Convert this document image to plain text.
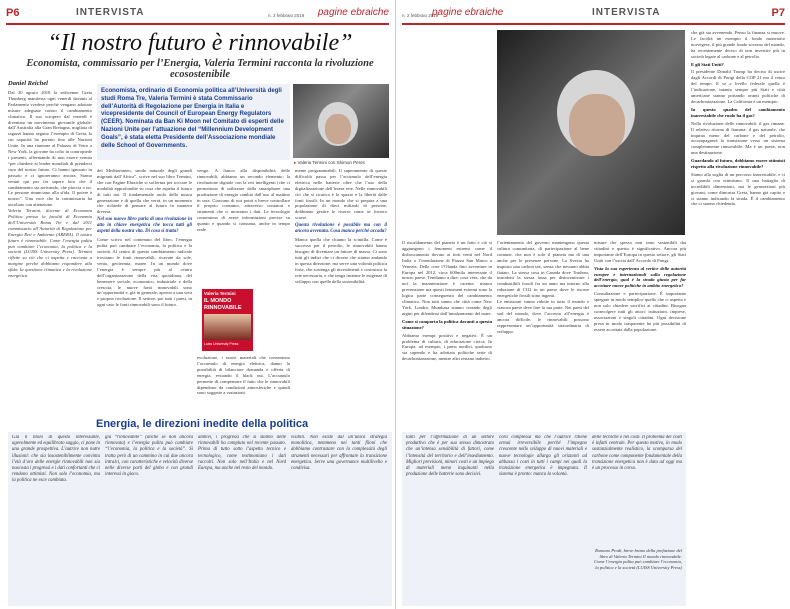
P6	INTERVISTA	n. 2 febbraio 2019 pagine ebraiche
“Il nostro futuro è rinnovabile”
Economista, commissario per l’Energia, Valeria Termini racconta la rivoluzione ecosostenibile
Daniel Reichel

Dal 20 agosto 2018 la sedicenne Greta Thunberg manifesta ogni venerdì davanti al Parlamento svedese perché vengano adottate misure adeguate contro il cambiamento climatico. Il suo sciopero dal venerdì è diventato un movimento giovanile globale: dall’Australia alla Gran Bretagna, migliaia di ragazzi hanno seguito l’esempio di Greta, la cui capacità ha portato fino alle Nazioni Unite. In una riunione al Palazzo di Vetro a New York, la giovane ha colto in contropiede i presenti, affermando di non essere venuta “per chiedere ai leader mondiali di prendersi cura del nostro futuro. Ci hanno ignorato in passato e ci ignoreranno ancora. Siamo venuti qui per far sapere loro che il cambiamento sta arrivando, che piaccia o no. Le persone rinunciano alla sfida. Il potere è nostro”. Una voce che la commissaria ha ascoltato con attenzione.

Valeria Termini, docente di Economia Politica presso la facoltà di Economia dell’Università Roma Tre e dal 2011 commissario all’Autorità di Regolazione per Energia Reti e Ambiente (ARERA). Il nostro futuro è rinnovabile. Come l’energia pulita può cambiare l’economia, la politica e la società (LUISS University Press). Termini riflette su ciò che ci aspetta e racconta a margine perché dobbiamo rispondere alla sfida: la questione climatica e la rivoluzione energetica.

Economista, ordinario di Economia politica all’Università degli studi Roma Tre, Valeria Termini è stata Commissario dell’Autorità di Regolazione per Energia in Italia e vicepresidente del Council of European Energy Regulators (CEER). Nominata da Ban Ki Moon nel Comitato di esperti delle Nazioni Unite per l’attuazione del “Millennium Development Goals”, è stata eletta Presidente dell’Associazione mondiale delle School of Governments.
▸ Valeria Termini con Shimon Peres

del Mediterraneo, snodo naturale degli grandi migranti dall’Africa”, scrive nel suo libro Termini, che con Pagine Ebraiche si sofferma per toccare le modalità approfondite su cosa che aspetta il futuro di tutti noi. Il fondamentale ruolo della nostra generazione e di quella che verrà, in un momento che richiede di pensare al futuro in maniera diversa.

Nel suo nuovo libro parla di una rivoluzione in atto in chiave energetica che tocca tutti gli aspetti della nostra vita. Di cosa si tratta?

Come scrivo nel contenuto del libro, l’energia pulita può cambiare l’economia, la politica e la società. Al centro di questo cambiamento radicale troviamo le fonti rinnovabili, ricavate da sole, vento, geotermia, maree. In un mondo dove l’energia è sempre più al centro dell’organizzazione della vita quotidiana, del benessere sociale, economico, industriale e della crescita, le nuove fonti rinnovabili sono un’opportunità e, già in generale, aprono a una vera e propria rivoluzione. Il settore, poi tutti i paesi, in ogni caso le fonti rinnovabili sono il futuro.

vengo. A fianco alla disponibilità delle rinnovabili, abbiamo un secondo elemento: la rivoluzione digitale con la reti intelligenti (che ci permettono di utilizzare dalla smartphone una produzione di energia cambia dall’uso al mattino in sera. Ciascuno di noi potrà a breve controllare il proprio consumo, attraverso contatori e strumenti che ci mostrano i dati. Le tecnologie consentono di avere informazioni precise su quanto e quando si consuma, anche in tempo reale.

evoluzione, i nuovi materiali che consentono l’accumulo di energia elettrica, danno la possibilità di bilanciare domanda e offerta di energia, evitando il black out. L’accumulo permette di compensare il fatto che le rinnovabili dipendono da condizioni atmosferiche e quindi sono soggette a variazioni.

Valeria Termini
IL MONDO RINNOVABILE
Luiss University Press

mente programmabili. Il superamento di queste difficoltà passa per l’accumulo dell’energia elettrica nelle batterie oltre che l’uso della digitalizzazione dell’intera rete. Nelle rinnovabili ciò che si ricarica è lo spazio e la libertà dalle fonti fossili. In un mondo che si prepara a una popolazione di dieci miliardi di persone, dobbiamo gestire le risorse come se fossero scarse.

Questa rivoluzione è possibile ma con il ancora avvenuta. Cosa manca perché accada?

Manca quella che chiamo la scintilla. Come è successo per il petrolio, le rinnovabili hanno bisogno di diventare un fattore di massa. Ci sono tutti gli indizi che ci dicono che stiamo andando in questa direzione: ma serve una volontà politica forte, che sostenga gli investimenti e costruisca la rete necessaria, e che tenga insieme le esigenze di sviluppo con quelle della sostenibilità.

Energia, le direzioni inedite della politica
Già il titolo di questo interessante, agevolmente ed equilibrato saggio, ci pone in una grande prospettiva. L’autrice non nutre illusioni: che sia insostenibilmente convinta l’età d’oro delle energie rinnovabili non sia nascosta i progressi e i dati confortanti che ci rendono ottimisti. Non solo l’economia, ma la politica ne esce cambiata.
già “rinnovabile” (anche se non ancora rinnovata) e l’energia pulita può cambiare “l’economia, la politica e la società”. Si tratta però di un cammino in cui due ancora intralci, con caratteristiche e velocità diverse nelle diverse parti del globo e con grandi interessi in gioco.
ambivi, i progressi che si stanno delle rinnovabili ha compiuto nel recente passato. Prima di tutto sotto l’aspetto tecnico e tecnologico, come testimoniano i dati raccolti. Non solo nell’Italia e nel Nord Europa, ma anche nel resto del mondo.
visibili. Non esiste dal un’unica strategia monolitica, nemmeno nei tanti filoni che dobbiamo contrastare con la complessità degli strumenti necessari per affrontare la transizione energetica. Serve una governance multilivello e condivisa.
n. 2 febbraio 2019
pagine ebraiche	INTERVISTA	P7

Il riscaldamento del pianeta è un fatto e ciò si aggiungono i fenomeni estremi come il disboscamento dovuto ai forti venti nel Nord Italia o l’inondazione di Piazza San Marco a Venezia. Delle cose l’Olanda fino avventure in Europa nel 2012, circa 600mila interessate il nostro paese. Tendiamo a dire, cosa vera, che da noi la manutenzione è carente, manca prevenzione ma questi fenomeni estremi sono la logica parte conseguenza del cambiamento climatico. Non tutti sanno che città come New York, Londra, Mumbasa stanno creando degli argini per difendersi dall’innalzamento del mare.

Come si comporta la politica davanti a questa situazione?

Abbiamo esempi positivi e negativi. È un problema di cultura, di educazione civica. In Europa, ad esempio, i paesi nordici, qualcuno sta capendo e ha adottato politiche serie di decarbonizzazione, mentre altri restano indietro.

l’orientamento del governo mantengono questa cultura comunitaria, di partecipazione al bene comune, che non è solo il pianeta ma di una anche per le presenze persone. La Svezia ha imposto una carbon tax, senza che nessuno abbia fiatato. La stessa cosa in Canada dove Trudeau, introdotti la stessa tassa per disincentivare i combustibili fossili fra un anno ma intorno alla riduzione di CO2 in un paese dove le risorse energetiche fossili sono ingenti.

Le emissioni vanno ridotte in tutto il mondo e ciascun paese deve fare la sua parte. Nei paesi del sud del mondo, dove l’accesso all’energia è ancora difficile, le rinnovabili possono rappresentare un’opportunità straordinaria di sviluppo.

misure che spesso non sono sostenibili dai cittadini e questo è significativo. Ancora più importante dell’Europa in questo settore, gli Stati Uniti con l’uscita dall’Accordo di Parigi.

Vista la sua esperienza al vertice delle autorità europee e internazionali sulla regolazione dell’energia, qual è la strada giusta per far accettare nuove politiche in ambito energetico?

Consultazione e partecipazione. È importante spiegare in modo semplice quello che ci aspetta e non solo chiedere sacrifici ai cittadini. Bisogna coinvolgere tutti gli attori: istituzioni, imprese, associazioni e singoli cittadini. Ogni decisione presa in modo trasparente ha più possibilità di essere accettata dalla popolazione.

che già sta avvenendo. Penso la finanza si muove. Le facoltà un esempio il fondo monetario norvegese, il più grande fondo sovrano del mondo, ha recentemente deciso di non investire più in società legate al carbone e al petrolio.

E gli Stati Uniti?

Il presidente Donald Trump ha deciso di uscire dagli Accordi di Parigi della COP 21 ma il vento del tempo. E se a livello federale quella è l’indicazione, intanto sempre più Stati e città americane stanno portando avanti politiche di decarbonizzazione. La California è un esempio.

In questo quadro del cambiamento inarrestabile che ruolo ha il gas?

Nella rivoluzione delle rinnovabili, il gas rimane. Il relativo ritorno di fiamma: il gas naturale, che inquina meno del carbone e del petrolio, accompagnerà la transizione verso un sistema completamente rinnovabile. Ma è un ponte, non una destinazione.

Guardando al futuro, dobbiamo essere ottimisti rispetto alla rivoluzione rinnovabile?

Siamo alla soglia di un percorso inarrestabile, e ci si guarda con ottimismo. Il una battaglia di incredibili dimensioni, ma le generazioni più giovani, come dimostra Greta, hanno già capito e ci stanno indicando la strada. È il cambiamento che ci stanno chiedendo.

tanti per l’affermazione di un settore produttivo che è per suo stesso dimostrato che un’intensa sensibilità di fattori, come l’intensità del territorio e dell’insediamento. Migliori previsioni, minori costi e un impiego di materiali meno inquinanti nella produzione delle batterie sono decisivi.
cora complessa ma che l’autrice ritiene ormai irreversibile perché l’impegno crescente nello sviluppo di nuovi materiali e nuove tecnologie allarga gli orizzonti ad abbassa i costi in tutti i campi nei quali la transizione energetica è impegnata. Il sistema è pronto: manca la volontà.
delle tecniche e nei costi. Il problema dei costi è infatti centrale. Per questo motivo, in modo sostanzialmente realistico, la scomparsa del carbone come componente fondamentale della transizione energetica non è data ad oggi ma è un processo in corso.
Romano Prodi, breve brano della prefazione del libro di Valeria Termini Il mondo rinnovabile. Come l’energia pulita può cambiare l’economia, la politica e la società (LUISS University Press)
